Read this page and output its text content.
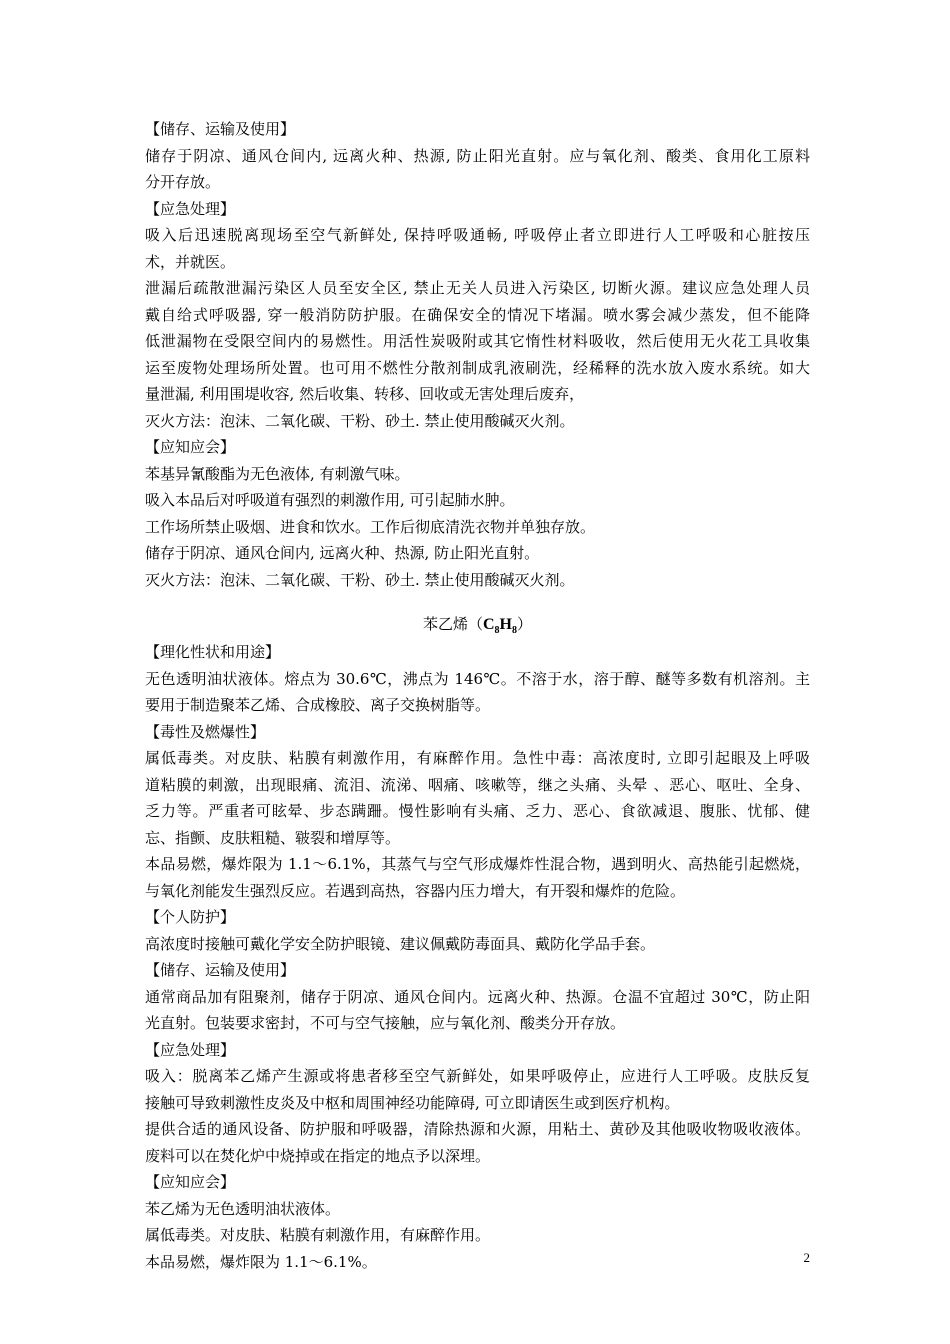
【储存、运输及使用】
储存于阴凉、通风仓间内, 远离火种、热源, 防止阳光直射。应与氧化剂、酸类、食用化工原料
分开存放。
【应急处理】
吸入后迅速脱离现场至空气新鲜处, 保持呼吸通畅, 呼吸停止者立即进行人工呼吸和心脏按压
术，并就医。
泄漏后疏散泄漏污染区人员至安全区, 禁止无关人员进入污染区, 切断火源。建议应急处理人员
戴自给式呼吸器, 穿一般消防防护服。在确保安全的情况下堵漏。喷水雾会减少蒸发，但不能降
低泄漏物在受限空间内的易燃性。用活性炭吸附或其它惰性材料吸收，然后使用无火花工具收集
运至废物处理场所处置。也可用不燃性分散剂制成乳液刷洗，经稀释的洗水放入废水系统。如大
量泄漏, 利用围堤收容, 然后收集、转移、回收或无害处理后废弃，
灭火方法：泡沫、二氧化碳、干粉、砂土. 禁止使用酸碱灭火剂。
【应知应会】
苯基异氰酸酯为无色液体, 有刺激气味。
吸入本品后对呼吸道有强烈的刺激作用, 可引起肺水肿。
工作场所禁止吸烟、进食和饮水。工作后彻底清洗衣物并单独存放。
储存于阴凉、通风仓间内, 远离火种、热源, 防止阳光直射。
灭火方法：泡沫、二氧化碳、干粉、砂土. 禁止使用酸碱灭火剂。
苯乙烯$(C_8H_8)$
【理化性状和用途】
无色透明油状液体。熔点为 30.6℃，沸点为 146℃。不溶于水，溶于醇、醚等多数有机溶剂。主
要用于制造聚苯乙烯、合成橡胶、离子交换树脂等。
【毒性及燃爆性】
属低毒类。对皮肤、粘膜有刺激作用，有麻醉作用。急性中毒：高浓度时, 立即引起眼及上呼吸
道粘膜的刺激，出现眼痛、流泪、流涕、咽痛、咳嗽等，继之头痛、头晕 、恶心、呕吐、全身、
乏力等。严重者可眩晕、步态蹒跚。慢性影响有头痛、乏力、恶心、食欲减退、腹胀、忧郁、健
忘、指颤、皮肤粗糙、皲裂和增厚等。
本品易燃，爆炸限为 1.1～6.1%，其蒸气与空气形成爆炸性混合物，遇到明火、高热能引起燃烧，
与氧化剂能发生强烈反应。若遇到高热，容器内压力增大，有开裂和爆炸的危险。
【个人防护】
高浓度时接触可戴化学安全防护眼镜、建议佩戴防毒面具、戴防化学品手套。
【储存、运输及使用】
通常商品加有阻聚剂，储存于阴凉、通风仓间内。远离火种、热源。仓温不宜超过 30℃，防止阳
光直射。包装要求密封，不可与空气接触，应与氧化剂、酸类分开存放。
【应急处理】
吸入：脱离苯乙烯产生源或将患者移至空气新鲜处，如果呼吸停止，应进行人工呼吸。皮肤反复
接触可导致刺激性皮炎及中枢和周围神经功能障碍, 可立即请医生或到医疗机构。
提供合适的通风设备、防护服和呼吸器，清除热源和火源，用粘土、黄砂及其他吸收物吸收液体。
废料可以在焚化炉中烧掉或在指定的地点予以深埋。
【应知应会】
苯乙烯为无色透明油状液体。
属低毒类。对皮肤、粘膜有刺激作用，有麻醉作用。
本品易燃，爆炸限为 1.1～6.1%。	2
